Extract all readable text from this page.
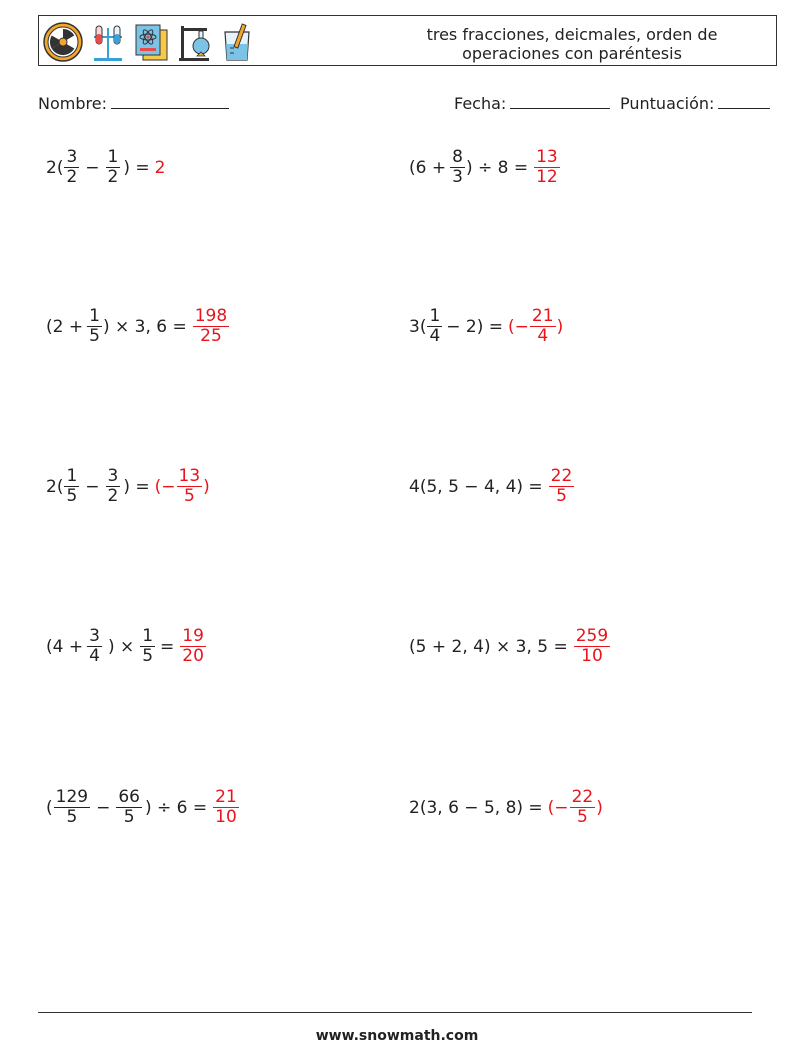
tres fracciones, deicmales, orden de operaciones con paréntesis
Nombre:	Fecha:	Puntuación:
$2( \frac{3}{2} - \frac{1}{2}$ ) = 2	($6 + \frac{8}{3}$ ) ÷ $8 = \frac{13}{12}$
($2 + \frac{1}{5}$ ) × 3, $6 = \frac{198}{25}$	$3( \frac{1}{4} - 2)$ = (− $\frac{21}{4}$ )
$2( \frac{1}{5} - \frac{3}{2}$ ) = (− $\frac{13}{5}$ )	4(5, 5 − 4, $4) = \frac{22}{5}$
($4 + \frac{3}{4}$ ) × $\frac{1}{5} = \frac{19}{20}$	(5 + 2, 4) × 3, $5 = \frac{259}{10}$
( $\frac{129}{5} - \frac{66}{5}$ ) ÷ $6 = \frac{21}{10}$	2(3, 6 − 5, 8) = (− $\frac{22}{5}$ )
www.snowmath.com
